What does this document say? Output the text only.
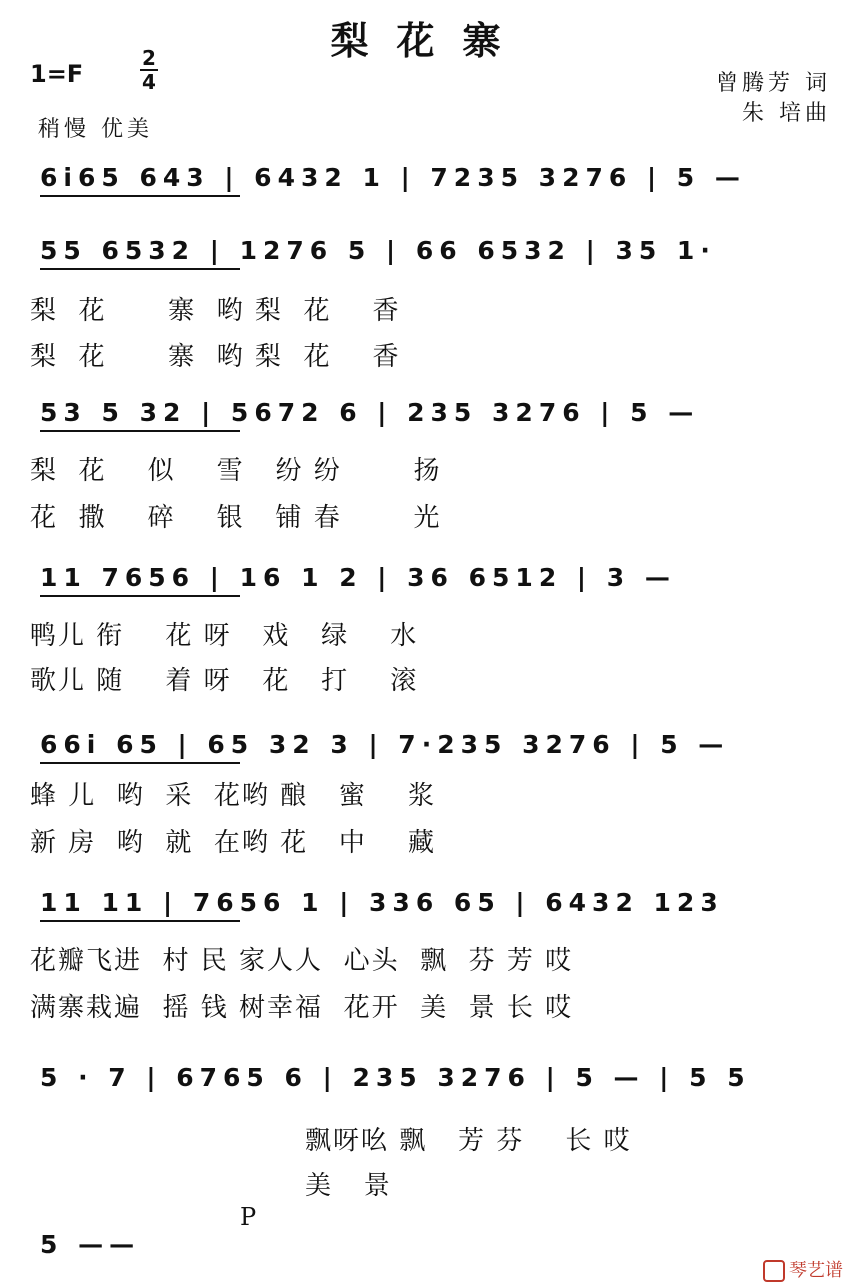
梨花寨
1=F
2
4
稍慢 优美
曾腾芳 词
朱 培曲
6i65 643 | 6432 1 | 7235 3276 | 5 —
55 6532 | 1276 5 | 66 6532 | 35 1·
梨  花      寨  哟 梨  花    香
梨  花      寨  哟 梨  花    香
53 5 32 | 5672 6 | 235 3276 | 5 —
梨  花    似    雪   纷 纷       扬
花  撒    碎    银   铺 春       光
11 7656 | 16 1 2 | 36 6512 | 3 —
鸭儿 衔    花 呀   戏   绿    水
歌儿 随    着 呀   花   打    滚
66i 65 | 65 32 3 | 7·235 3276 | 5 —
蜂 儿  哟  采  花哟 酿   蜜    浆
新 房  哟  就  在哟 花   中    藏
11 11 | 7656 1 | 336 65 | 6432 123
花瓣飞进  村 民 家人人  心头  飘  芬 芳 哎
满寨栽遍  摇 钱 树幸福  花开  美  景 长 哎
5 · 7 | 6765 6 | 235 3276 | 5 — | 5 5
飘呀吆 飘   芳 芬    长 哎
美   景
5 ——
P
琴艺谱
